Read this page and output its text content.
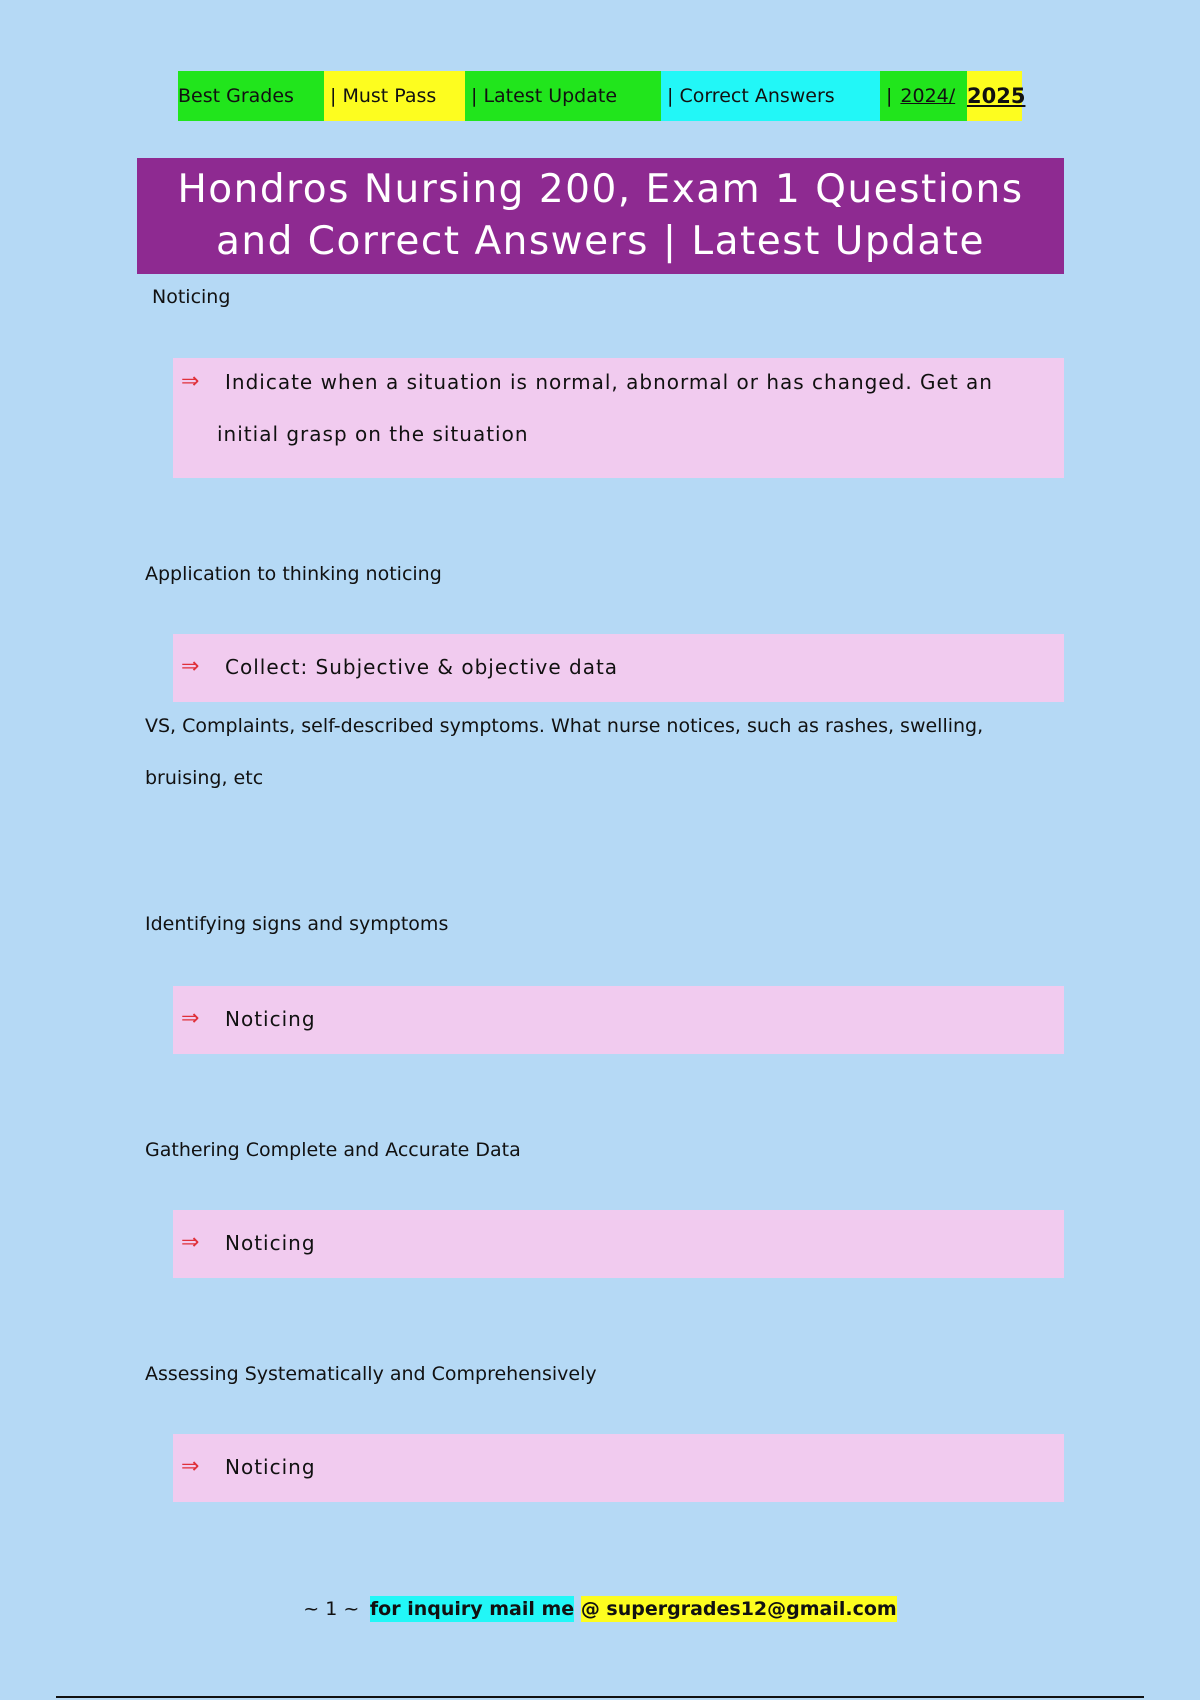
Best Grades	| Must Pass	| Latest Update	| Correct Answers	| 2024/ 2025
Hondros Nursing 200, Exam 1 Questions
and Correct Answers | Latest Update
Noticing
⇒ Indicate when a situation is normal, abnormal or has changed. Get an
initial grasp on the situation
Application to thinking noticing
⇒ Collect: Subjective & objective data
VS, Complaints, self-described symptoms. What nurse notices, such as rashes, swelling,
bruising, etc
Identifying signs and symptoms
⇒ Noticing
Gathering Complete and Accurate Data
⇒ Noticing
Assessing Systematically and Comprehensively
⇒ Noticing
~ 1 ~ for inquiry mail me @ supergrades12@gmail.com
